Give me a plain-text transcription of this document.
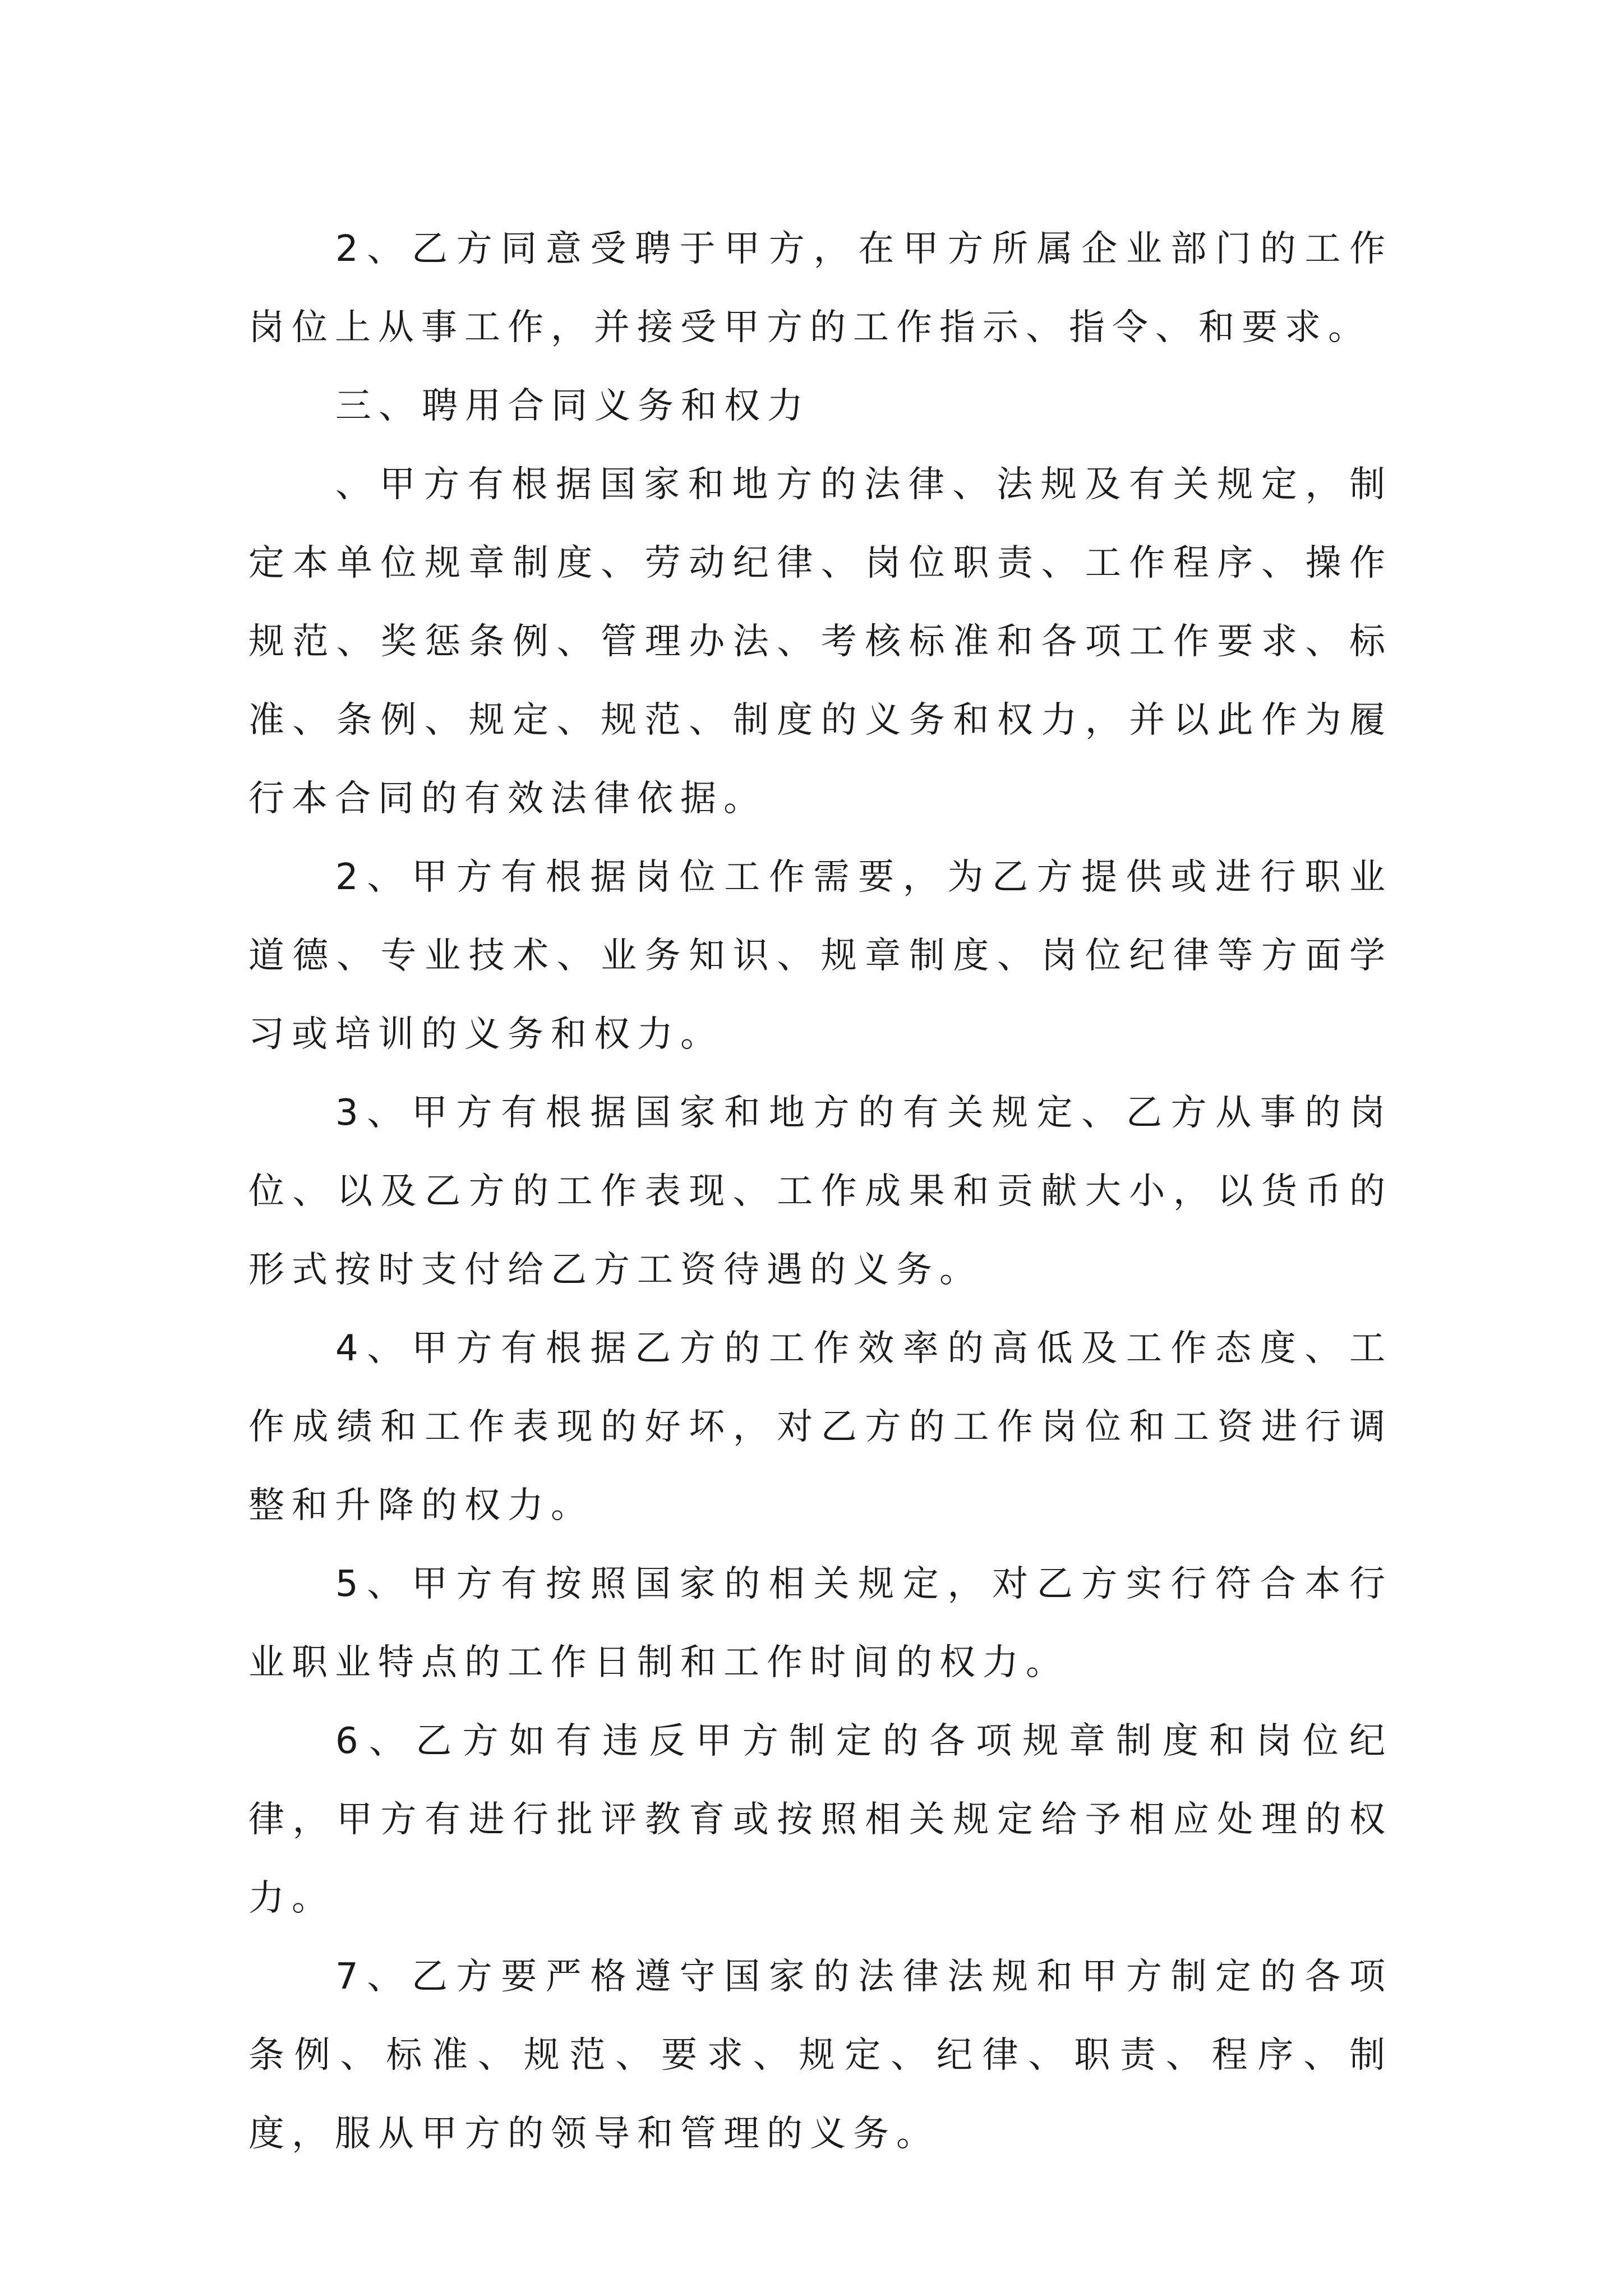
2、乙方同意受聘于甲方，在甲方所属企业部门的工作岗位上从事工作，并接受甲方的工作指示、指令、和要求。

三、聘用合同义务和权力

、甲方有根据国家和地方的法律、法规及有关规定，制定本单位规章制度、劳动纪律、岗位职责、工作程序、操作规范、奖惩条例、管理办法、考核标准和各项工作要求、标准、条例、规定、规范、制度的义务和权力，并以此作为履行本合同的有效法律依据。

2、甲方有根据岗位工作需要，为乙方提供或进行职业道德、专业技术、业务知识、规章制度、岗位纪律等方面学习或培训的义务和权力。

3、甲方有根据国家和地方的有关规定、乙方从事的岗位、以及乙方的工作表现、工作成果和贡献大小，以货币的形式按时支付给乙方工资待遇的义务。

4、甲方有根据乙方的工作效率的高低及工作态度、工作成绩和工作表现的好坏，对乙方的工作岗位和工资进行调整和升降的权力。

5、甲方有按照国家的相关规定，对乙方实行符合本行业职业特点的工作日制和工作时间的权力。

6、乙方如有违反甲方制定的各项规章制度和岗位纪律，甲方有进行批评教育或按照相关规定给予相应处理的权力。

7、乙方要严格遵守国家的法律法规和甲方制定的各项条例、标准、规范、要求、规定、纪律、职责、程序、制度，服从甲方的领导和管理的义务。
